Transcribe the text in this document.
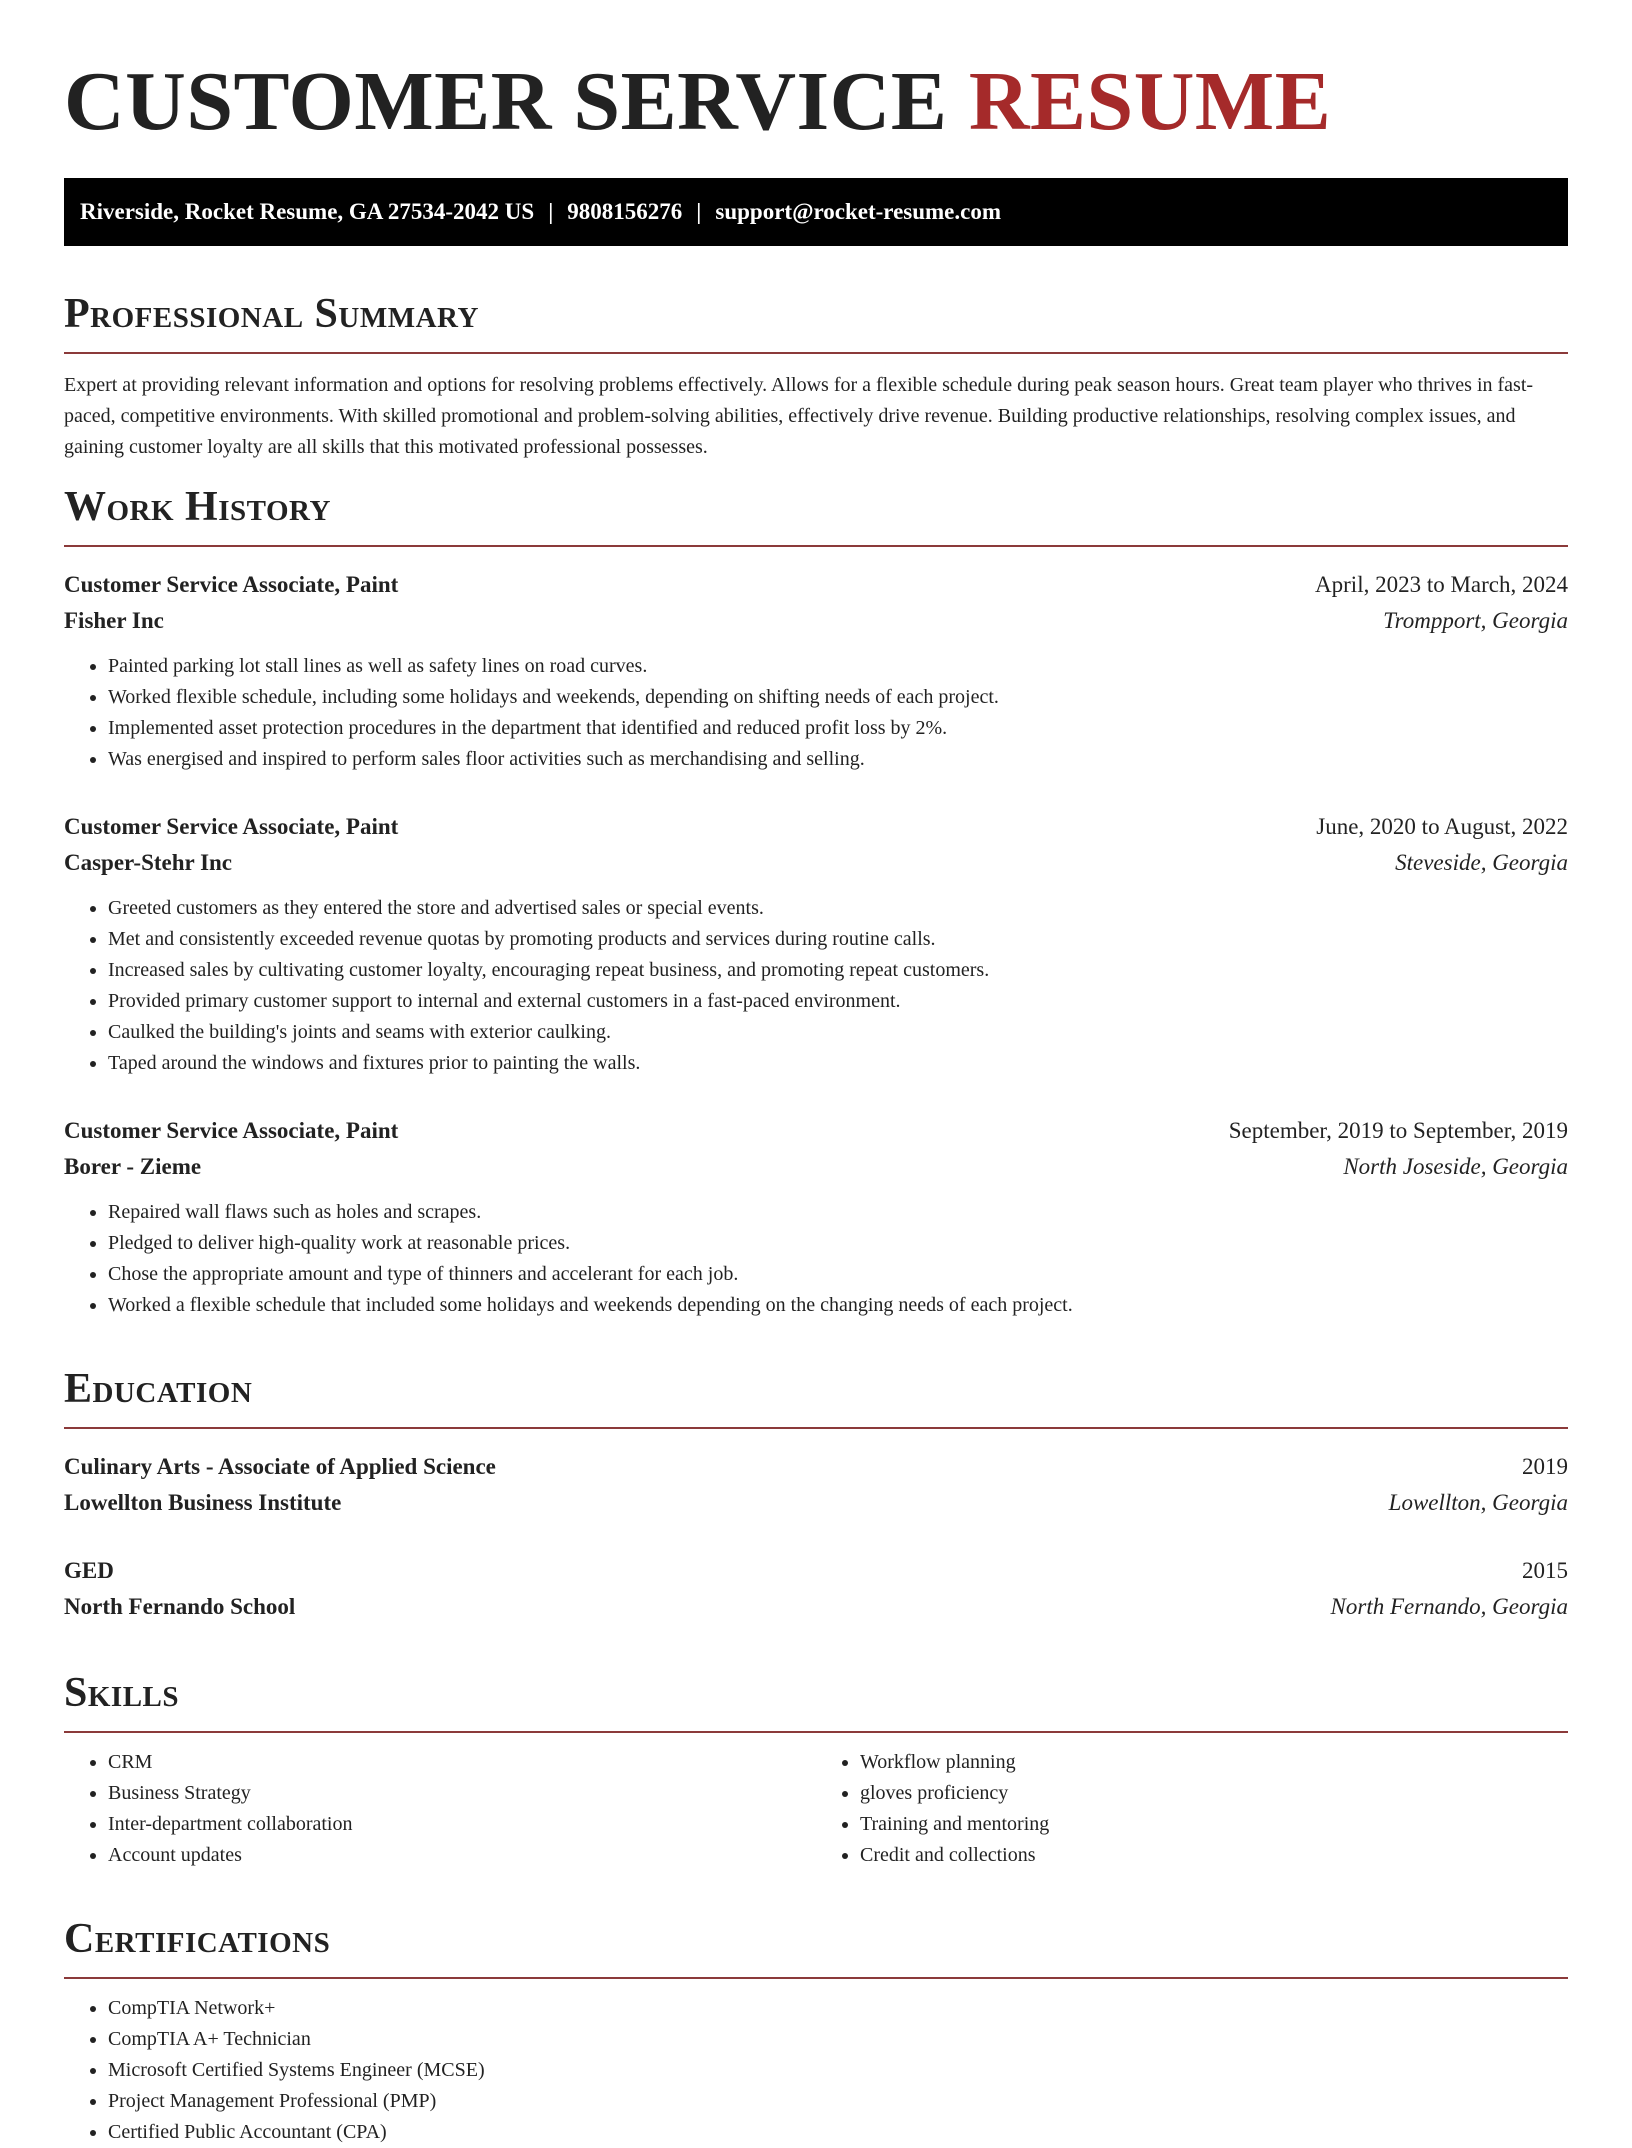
CUSTOMER SERVICE RESUME
Riverside, Rocket Resume, GA 27534-2042 US | 9808156276 | support@rocket-resume.com
Professional Summary

Expert at providing relevant information and options for resolving problems effectively. Allows for a flexible schedule during peak season hours. Great team player who thrives in fast-paced, competitive environments. With skilled promotional and problem-solving abilities, effectively drive revenue. Building productive relationships, resolving complex issues, and gaining customer loyalty are all skills that this motivated professional possesses.

Work History
Customer Service Associate, Paint	April, 2023 to March, 2024
Fisher Inc	Trompport, Georgia
• Painted parking lot stall lines as well as safety lines on road curves.
• Worked flexible schedule, including some holidays and weekends, depending on shifting needs of each project.
• Implemented asset protection procedures in the department that identified and reduced profit loss by 2%.
• Was energised and inspired to perform sales floor activities such as merchandising and selling.
Customer Service Associate, Paint	June, 2020 to August, 2022
Casper-Stehr Inc	Steveside, Georgia
• Greeted customers as they entered the store and advertised sales or special events.
• Met and consistently exceeded revenue quotas by promoting products and services during routine calls.
• Increased sales by cultivating customer loyalty, encouraging repeat business, and promoting repeat customers.
• Provided primary customer support to internal and external customers in a fast-paced environment.
• Caulked the building's joints and seams with exterior caulking.
• Taped around the windows and fixtures prior to painting the walls.
Customer Service Associate, Paint	September, 2019 to September, 2019
Borer - Zieme	North Joseside, Georgia
• Repaired wall flaws such as holes and scrapes.
• Pledged to deliver high-quality work at reasonable prices.
• Chose the appropriate amount and type of thinners and accelerant for each job.
• Worked a flexible schedule that included some holidays and weekends depending on the changing needs of each project.
Education
Culinary Arts - Associate of Applied Science	2019
Lowellton Business Institute	Lowellton, Georgia
GED	2015
North Fernando School	North Fernando, Georgia
Skills
• CRM
• Business Strategy
• Inter-department collaboration
• Account updates
• Workflow planning
• gloves proficiency
• Training and mentoring
• Credit and collections
Certifications
• CompTIA Network+
• CompTIA A+ Technician
• Microsoft Certified Systems Engineer (MCSE)
• Project Management Professional (PMP)
• Certified Public Accountant (CPA)
